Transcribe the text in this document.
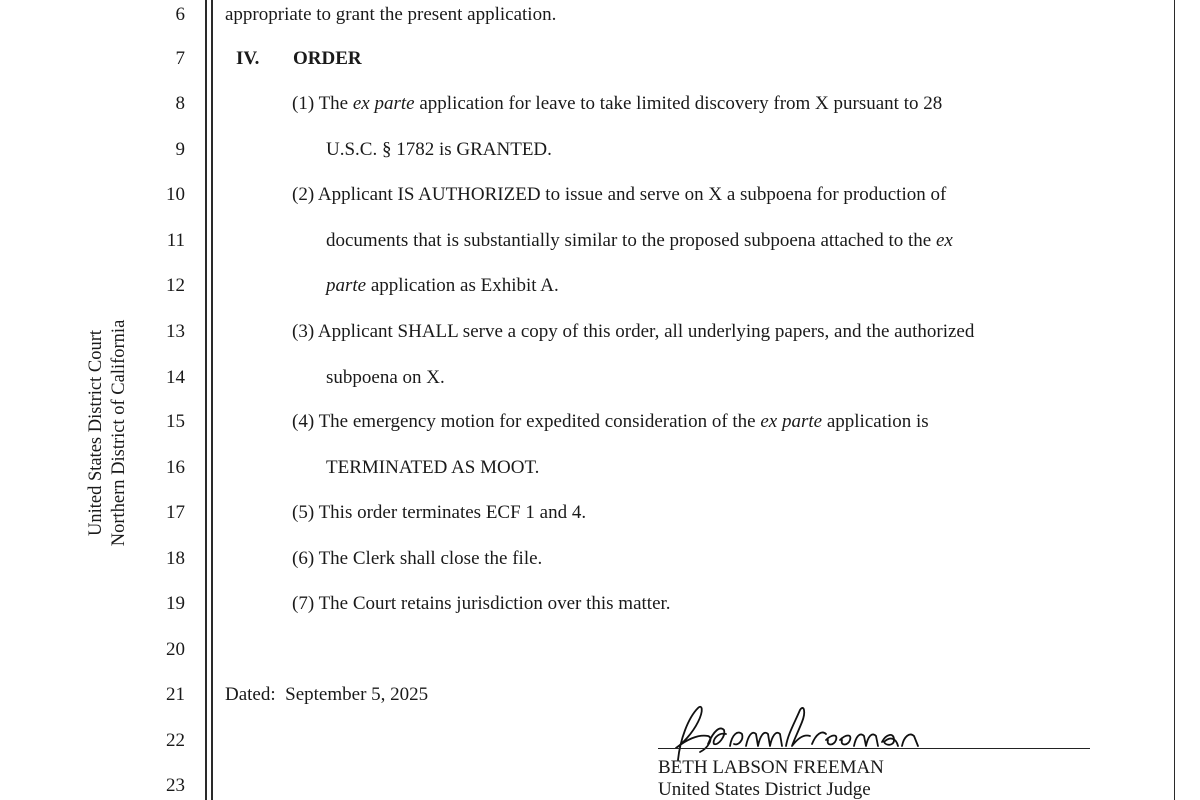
United States District Court Northern District of California
6
7
8
9
10
11
12
13
14
15
16
17
18
19
20
21
22
23
appropriate to grant the present application.
IV. ORDER
(1) The ex parte application for leave to take limited discovery from X pursuant to 28
U.S.C. § 1782 is GRANTED.
(2) Applicant IS AUTHORIZED to issue and serve on X a subpoena for production of
documents that is substantially similar to the proposed subpoena attached to the ex
parte application as Exhibit A.
(3) Applicant SHALL serve a copy of this order, all underlying papers, and the authorized
subpoena on X.
(4) The emergency motion for expedited consideration of the ex parte application is
TERMINATED AS MOOT.
(5) This order terminates ECF 1 and 4.
(6) The Clerk shall close the file.
(7) The Court retains jurisdiction over this matter.
Dated: September 5, 2025
BETH LABSON FREEMAN
United States District Judge
